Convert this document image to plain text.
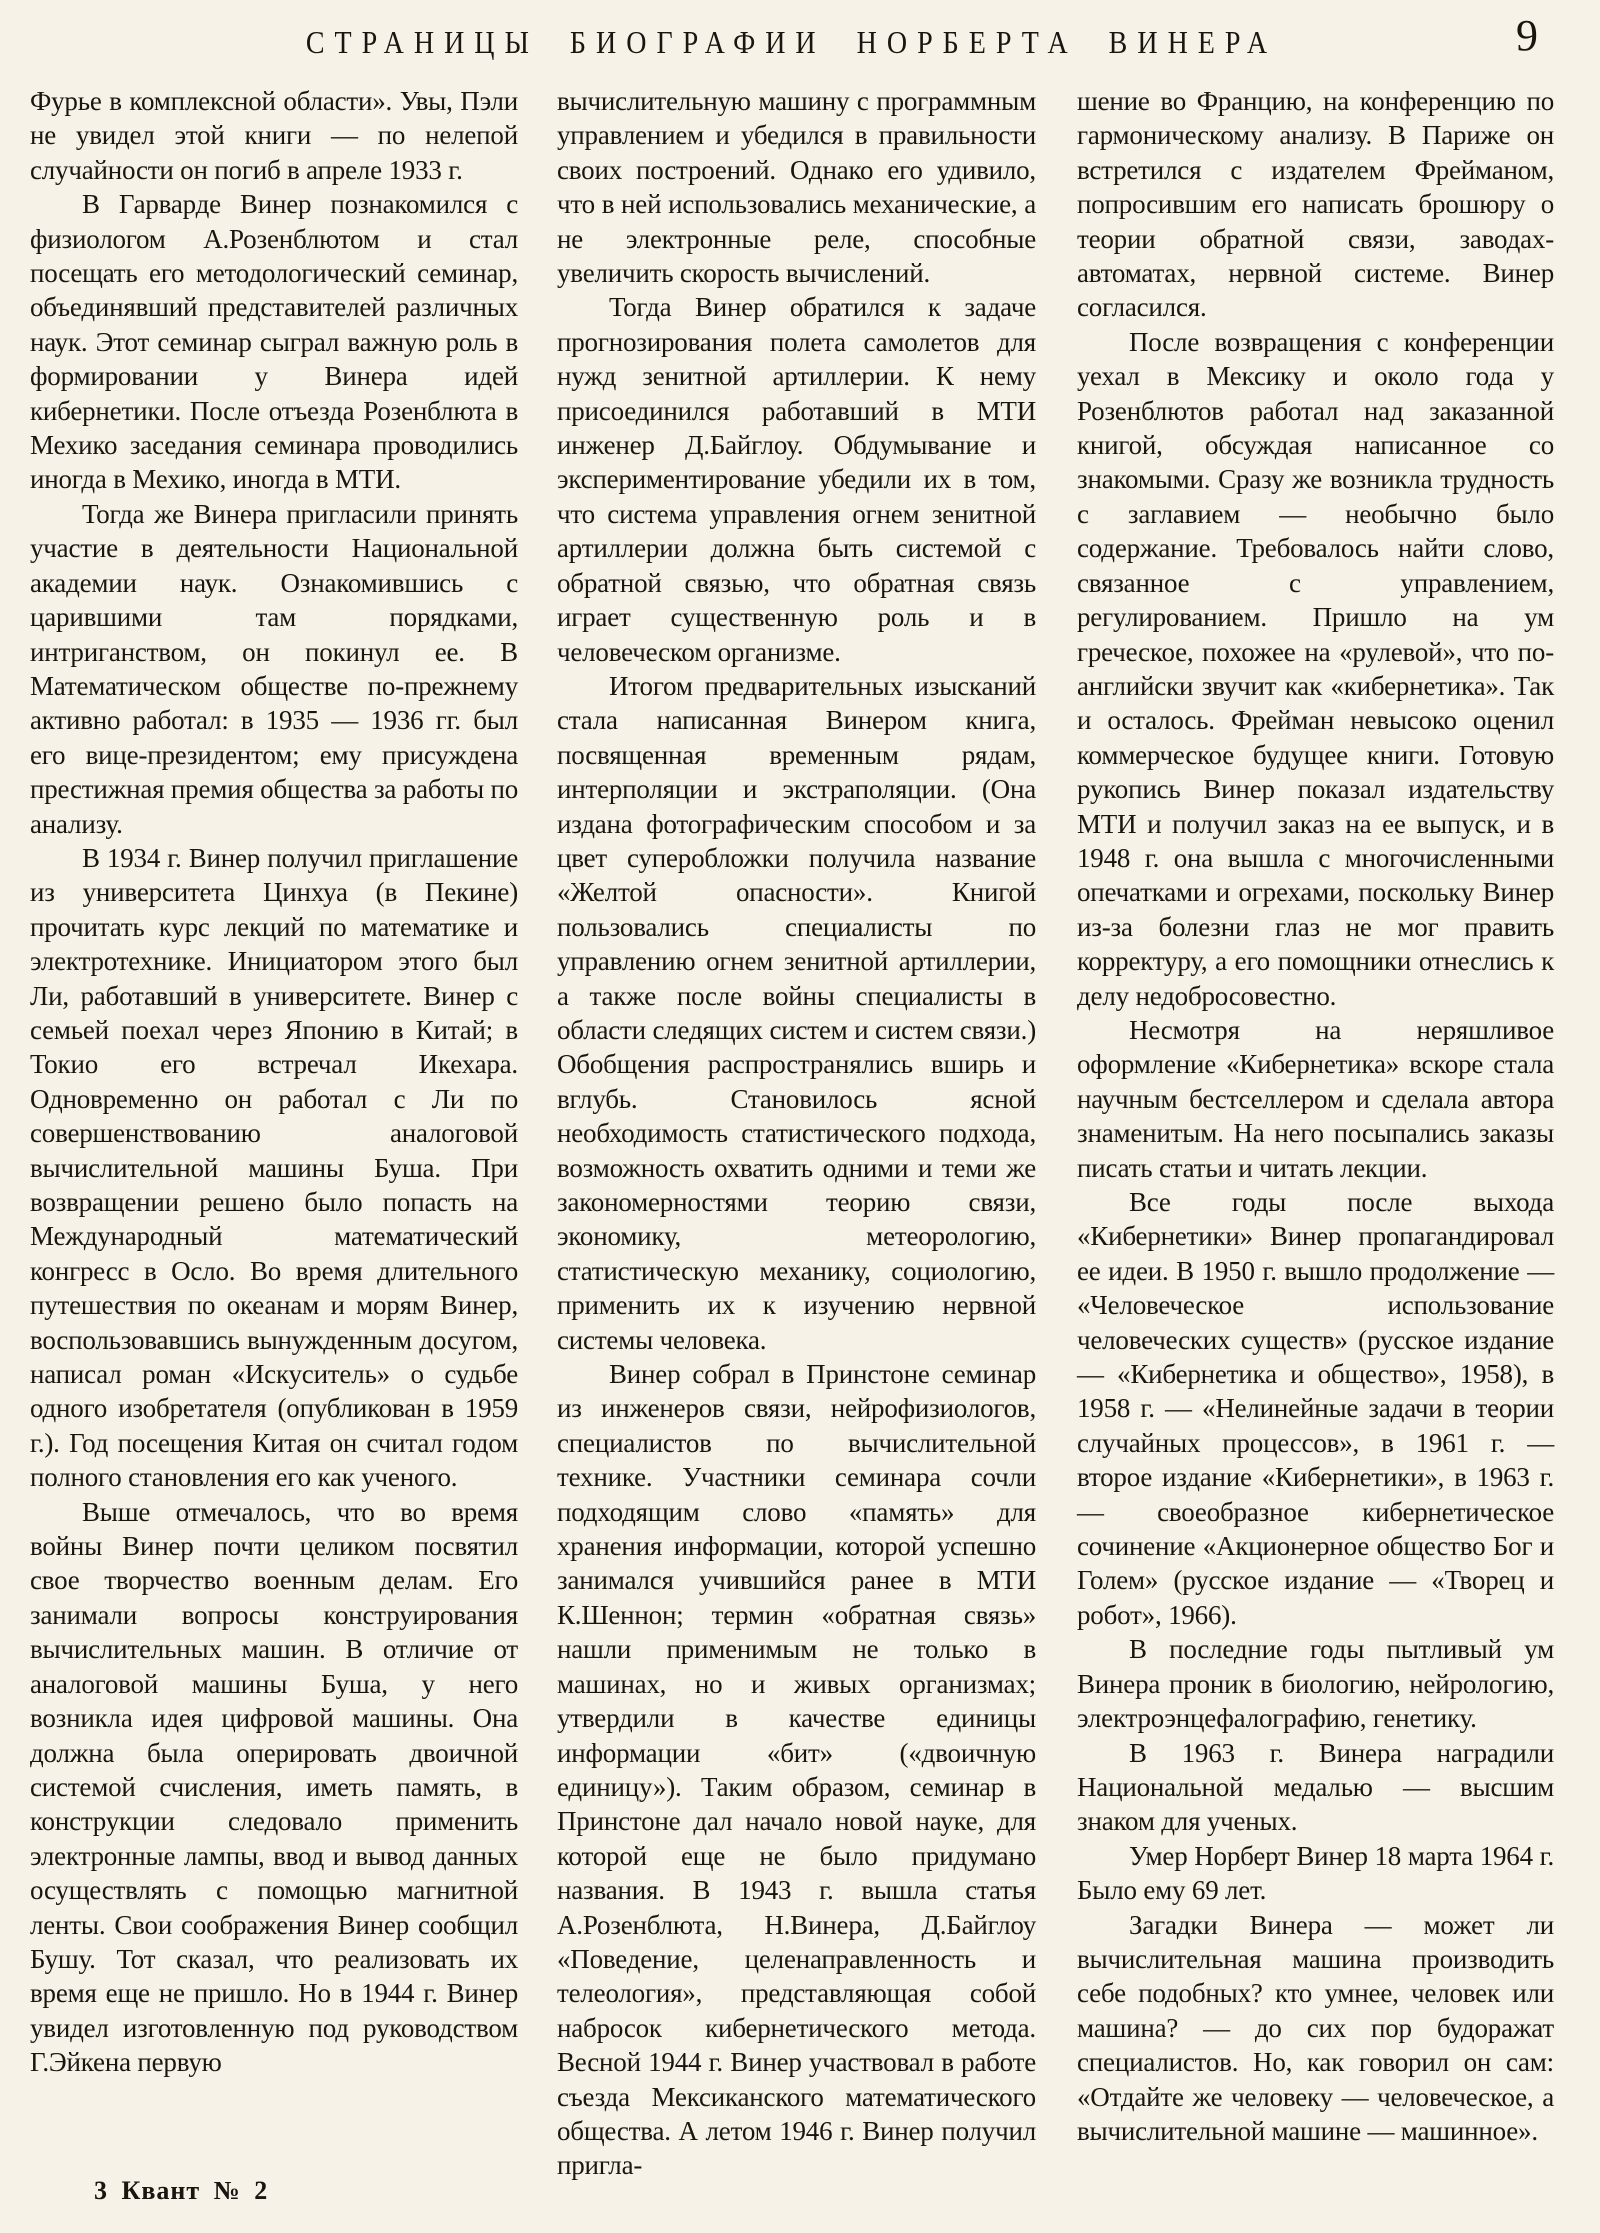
СТРАНИЦЫ БИОГРАФИИ НОРБЕРТА ВИНЕРА	9

Фурье в комплексной области». Увы, Пэли не увидел этой книги — по нелепой случайности он погиб в апреле 1933 г.

В Гарварде Винер познакомился с физиологом А.Розенблютом и стал посещать его методологический семинар, объединявший представителей различных наук. Этот семинар сыграл важную роль в формировании у Винера идей кибернетики. После отъезда Розенблюта в Мехико заседания семинара проводились иногда в Мехико, иногда в МТИ.

Тогда же Винера пригласили принять участие в деятельности Национальной академии наук. Ознакомившись с царившими там порядками, интриганством, он покинул ее. В Математическом обществе по-прежнему активно работал: в 1935 — 1936 гг. был его вице-президентом; ему присуждена престижная премия общества за работы по анализу.

В 1934 г. Винер получил приглашение из университета Цинхуа (в Пекине) прочитать курс лекций по математике и электротехнике. Инициатором этого был Ли, работавший в университете. Винер с семьей поехал через Японию в Китай; в Токио его встречал Икехара. Одновременно он работал с Ли по совершенствованию аналоговой вычислительной машины Буша. При возвращении решено было попасть на Международный математический конгресс в Осло. Во время длительного путешествия по океанам и морям Винер, воспользовавшись вынужденным досугом, написал роман «Искуситель» о судьбе одного изобретателя (опубликован в 1959 г.). Год посещения Китая он считал годом полного становления его как ученого.

Выше отмечалось, что во время войны Винер почти целиком посвятил свое творчество военным делам. Его занимали вопросы конструирования вычислительных машин. В отличие от аналоговой машины Буша, у него возникла идея цифровой машины. Она должна была оперировать двоичной системой счисления, иметь память, в конструкции следовало применить электронные лампы, ввод и вывод данных осуществлять с помощью магнитной ленты. Свои соображения Винер сообщил Бушу. Тот сказал, что реализовать их время еще не пришло. Но в 1944 г. Винер увидел изготовленную под руководством Г.Эйкена первую

вычислительную машину с программным управлением и убедился в правильности своих построений. Однако его удивило, что в ней использовались механические, а не электронные реле, способные увеличить скорость вычислений.

Тогда Винер обратился к задаче прогнозирования полета самолетов для нужд зенитной артиллерии. К нему присоединился работавший в МТИ инженер Д.Байглоу. Обдумывание и экспериментирование убедили их в том, что система управления огнем зенитной артиллерии должна быть системой с обратной связью, что обратная связь играет существенную роль и в человеческом организме.

Итогом предварительных изысканий стала написанная Винером книга, посвященная временным рядам, интерполяции и экстраполяции. (Она издана фотографическим способом и за цвет суперобложки получила название «Желтой опасности». Книгой пользовались специалисты по управлению огнем зенитной артиллерии, а также после войны специалисты в области следящих систем и систем связи.) Обобщения распространялись вширь и вглубь. Становилось ясной необходимость статистического подхода, возможность охватить одними и теми же закономерностями теорию связи, экономику, метеорологию, статистическую механику, социологию, применить их к изучению нервной системы человека.

Винер собрал в Принстоне семинар из инженеров связи, нейрофизиологов, специалистов по вычислительной технике. Участники семинара сочли подходящим слово «память» для хранения информации, которой успешно занимался учившийся ранее в МТИ К.Шеннон; термин «обратная связь» нашли применимым не только в машинах, но и живых организмах; утвердили в качестве единицы информации «бит» («двоичную единицу»). Таким образом, семинар в Принстоне дал начало новой науке, для которой еще не было придумано названия. В 1943 г. вышла статья А.Розенблюта, Н.Винера, Д.Байглоу «Поведение, целенаправленность и телеология», представляющая собой набросок кибернетического метода. Весной 1944 г. Винер участвовал в работе съезда Мексиканского математического общества. А летом 1946 г. Винер получил пригла-

шение во Францию, на конференцию по гармоническому анализу. В Париже он встретился с издателем Фрейманом, попросившим его написать брошюру о теории обратной связи, заводах-автоматах, нервной системе. Винер согласился.

После возвращения с конференции уехал в Мексику и около года у Розенблютов работал над заказанной книгой, обсуждая написанное со знакомыми. Сразу же возникла трудность с заглавием — необычно было содержание. Требовалось найти слово, связанное с управлением, регулированием. Пришло на ум греческое, похожее на «рулевой», что по-английски звучит как «кибернетика». Так и осталось. Фрейман невысоко оценил коммерческое будущее книги. Готовую рукопись Винер показал издательству МТИ и получил заказ на ее выпуск, и в 1948 г. она вышла с многочисленными опечатками и огрехами, поскольку Винер из-за болезни глаз не мог править корректуру, а его помощники отнеслись к делу недобросовестно.

Несмотря на неряшливое оформление «Кибернетика» вскоре стала научным бестселлером и сделала автора знаменитым. На него посыпались заказы писать статьи и читать лекции.

Все годы после выхода «Кибернетики» Винер пропагандировал ее идеи. В 1950 г. вышло продолжение — «Человеческое использование человеческих существ» (русское издание — «Кибернетика и общество», 1958), в 1958 г. — «Нелинейные задачи в теории случайных процессов», в 1961 г. — второе издание «Кибернетики», в 1963 г. — своеобразное кибернетическое сочинение «Акционерное общество Бог и Голем» (русское издание — «Творец и робот», 1966).

В последние годы пытливый ум Винера проник в биологию, нейрологию, электроэнцефалографию, генетику.

В 1963 г. Винера наградили Национальной медалью — высшим знаком для ученых.

Умер Норберт Винер 18 марта 1964 г. Было ему 69 лет.

Загадки Винера — может ли вычислительная машина производить себе подобных? кто умнее, человек или машина? — до сих пор будоражат специалистов. Но, как говорил он сам: «Отдайте же человеку — человеческое, а вычислительной машине — машинное».

3 Квант № 2
